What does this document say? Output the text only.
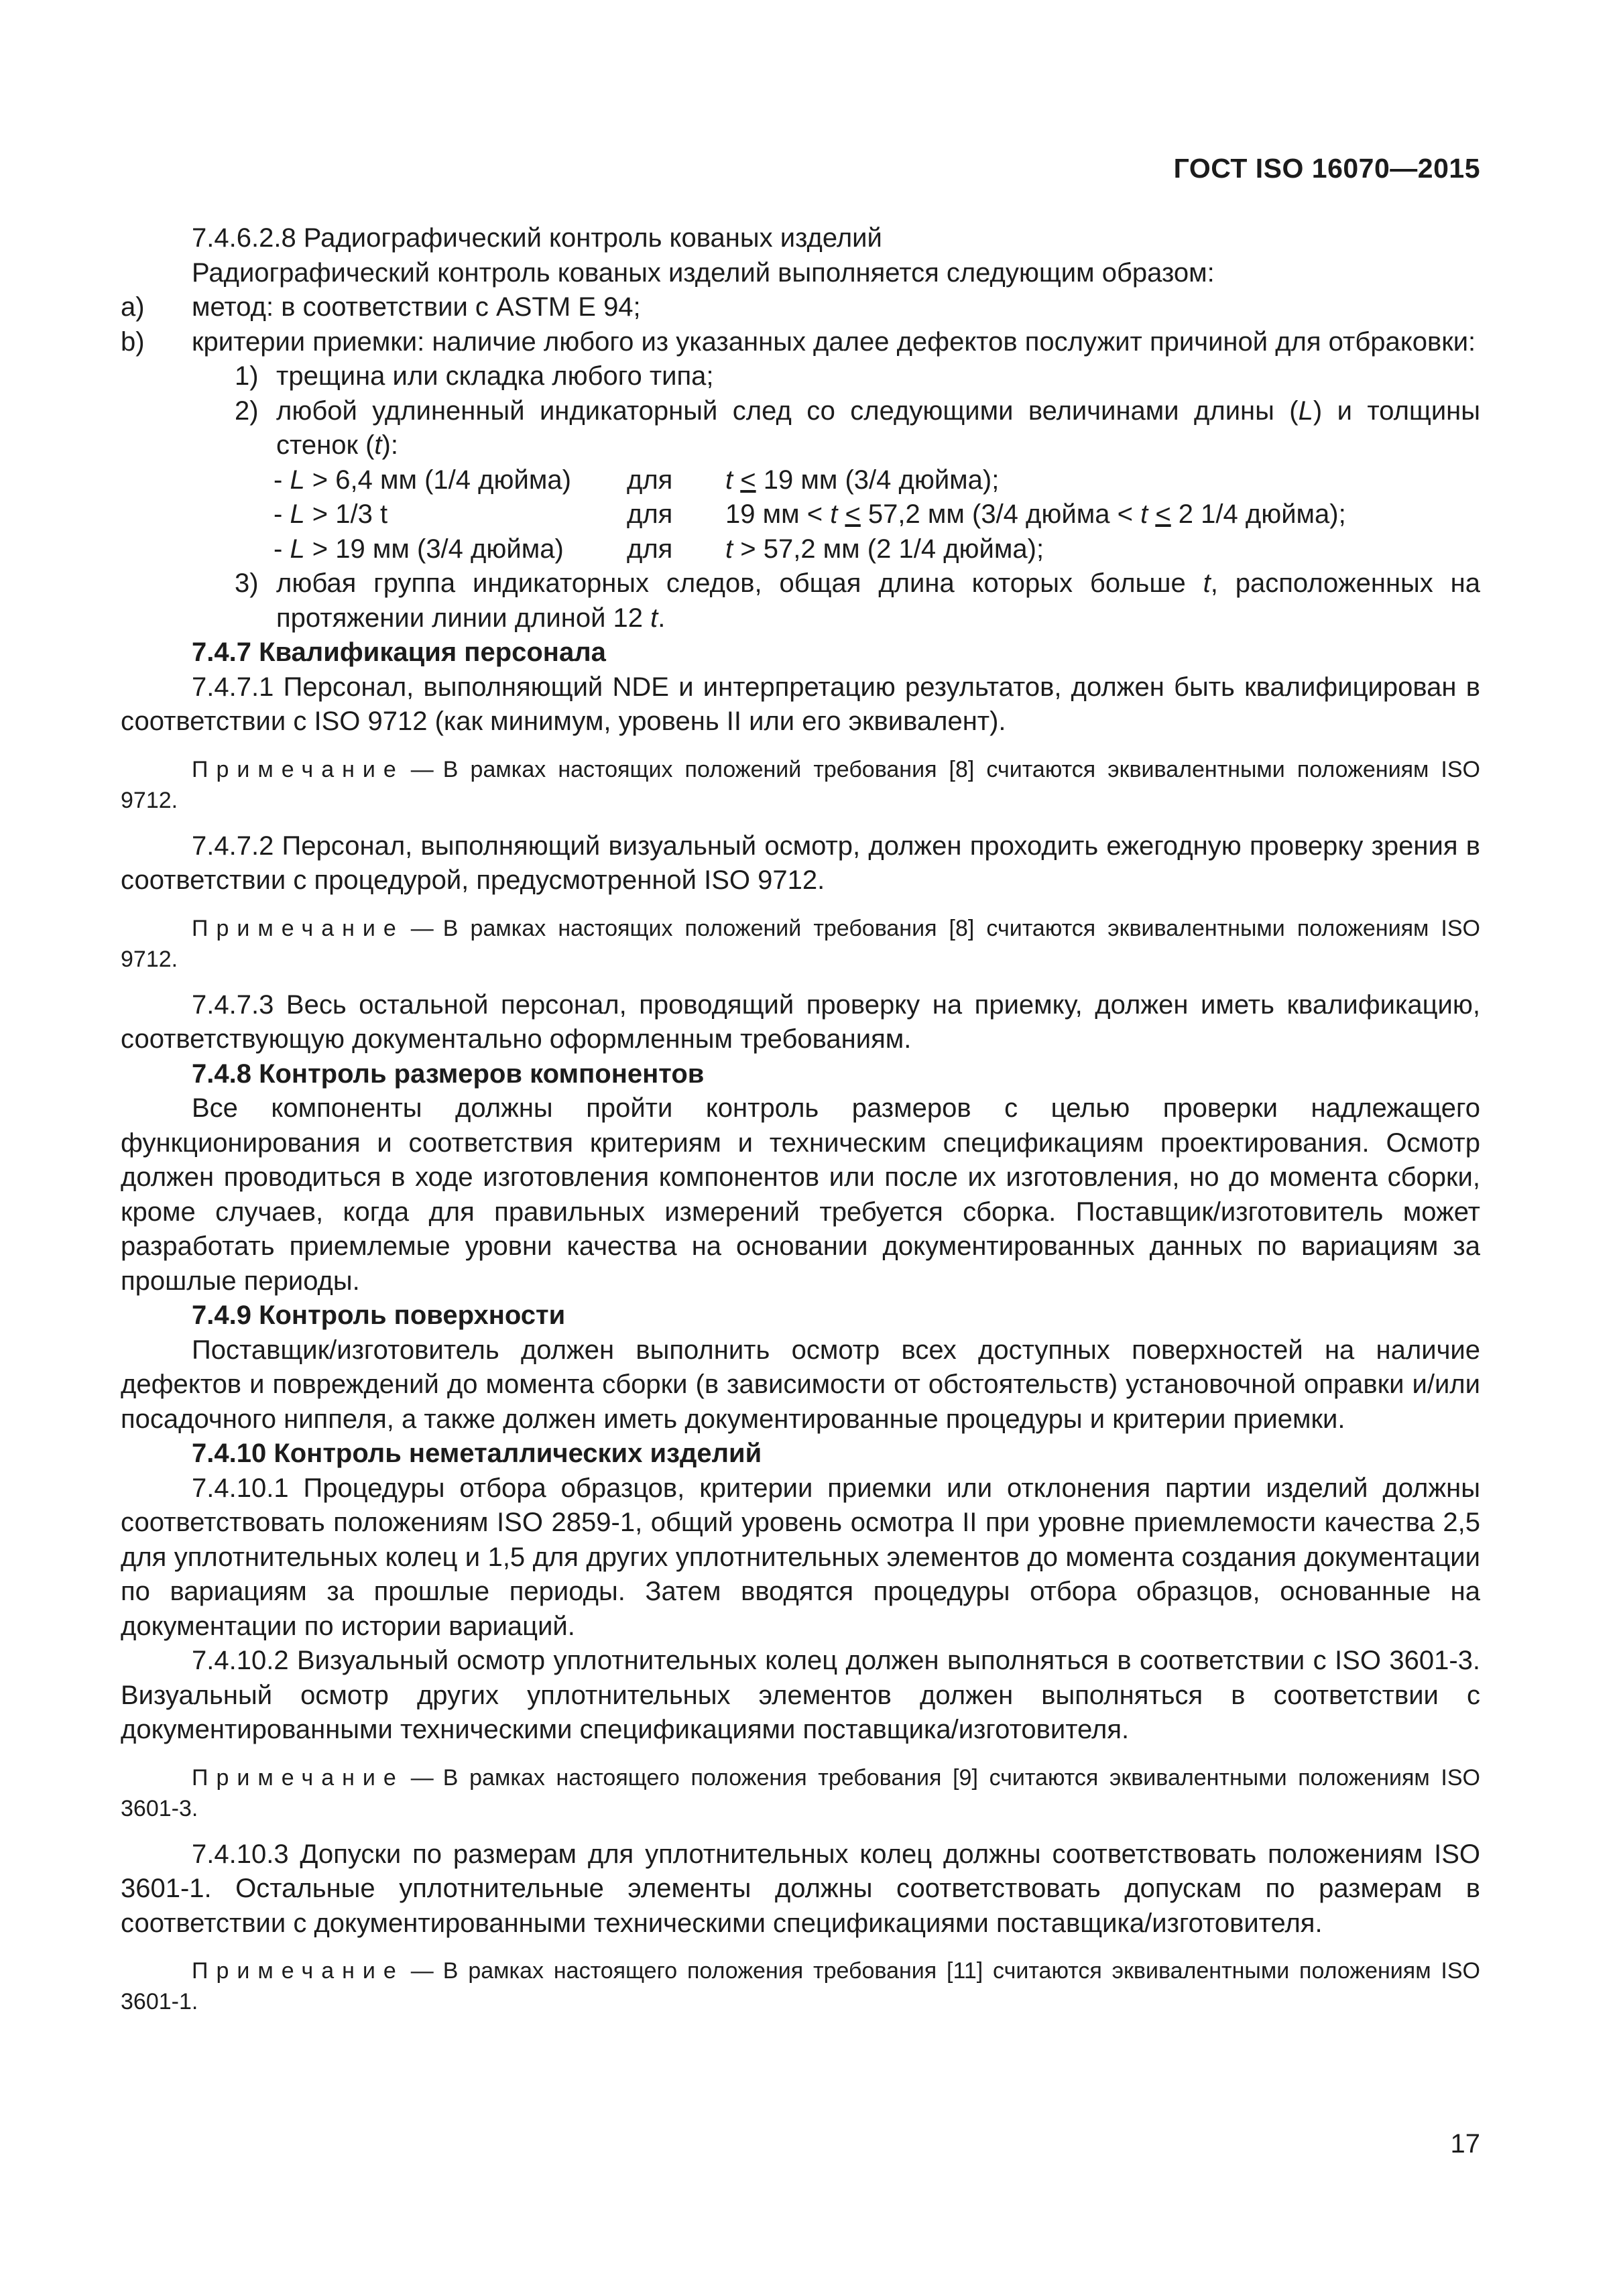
ГОСТ ISO 16070—2015

7.4.6.2.8 Радиографический контроль кованых изделий

Радиографический контроль кованых изделий выполняется следующим образом:

a) метод: в соответствии с ASTM E 94;

b) критерии приемки: наличие любого из указанных далее дефектов послужит причиной для отбраковки:

1) трещина или складка любого типа;

2) любой удлиненный индикаторный след со следующими величинами длины (L) и толщины стенок (t):

- L > 6,4 мм (1/4 дюйма) для t ≤ 19 мм (3/4 дюйма);
- L > 1/3 t	для 19 мм < t < 57,2 мм (3/4 дюйма < t < 2 1/4 дюйма);
- L > 19 мм (3/4 дюйма) для t > 57,2 мм (2 1/4 дюйма);

3) любая группа индикаторных следов, общая длина которых больше t, расположенных на протяжении линии длиной 12 t.

7.4.7 Квалификация персонала

7.4.7.1 Персонал, выполняющий NDE и интерпретацию результатов, должен быть квалифицирован в соответствии с ISO 9712 (как минимум, уровень II или его эквивалент).

Примечание — В рамках настоящих положений требования [8] считаются эквивалентными положениям ISO 9712.

7.4.7.2 Персонал, выполняющий визуальный осмотр, должен проходить ежегодную проверку зрения в соответствии с процедурой, предусмотренной ISO 9712.

Примечание — В рамках настоящих положений требования [8] считаются эквивалентными положениям ISO 9712.

7.4.7.3 Весь остальной персонал, проводящий проверку на приемку, должен иметь квалификацию, соответствующую документально оформленным требованиям.

7.4.8 Контроль размеров компонентов

Все компоненты должны пройти контроль размеров с целью проверки надлежащего функционирования и соответствия критериям и техническим спецификациям проектирования. Осмотр должен проводиться в ходе изготовления компонентов или после их изготовления, но до момента сборки, кроме случаев, когда для правильных измерений требуется сборка. Поставщик/изготовитель может разработать приемлемые уровни качества на основании документированных данных по вариациям за прошлые периоды.

7.4.9 Контроль поверхности

Поставщик/изготовитель должен выполнить осмотр всех доступных поверхностей на наличие дефектов и повреждений до момента сборки (в зависимости от обстоятельств) установочной оправки и/или посадочного ниппеля, а также должен иметь документированные процедуры и критерии приемки.

7.4.10 Контроль неметаллических изделий

7.4.10.1 Процедуры отбора образцов, критерии приемки или отклонения партии изделий должны соответствовать положениям ISO 2859-1, общий уровень осмотра II при уровне приемлемости качества 2,5 для уплотнительных колец и 1,5 для других уплотнительных элементов до момента создания документации по вариациям за прошлые периоды. Затем вводятся процедуры отбора образцов, основанные на документации по истории вариаций.

7.4.10.2 Визуальный осмотр уплотнительных колец должен выполняться в соответствии с ISO 3601-3. Визуальный осмотр других уплотнительных элементов должен выполняться в соответствии с документированными техническими спецификациями поставщика/изготовителя.

Примечание — В рамках настоящего положения требования [9] считаются эквивалентными положениям ISO 3601-3.

7.4.10.3 Допуски по размерам для уплотнительных колец должны соответствовать положениям ISO 3601-1. Остальные уплотнительные элементы должны соответствовать допускам по размерам в соответствии с документированными техническими спецификациями поставщика/изготовителя.

Примечание — В рамках настоящего положения требования [11] считаются эквивалентными положениям ISO 3601-1.

17
